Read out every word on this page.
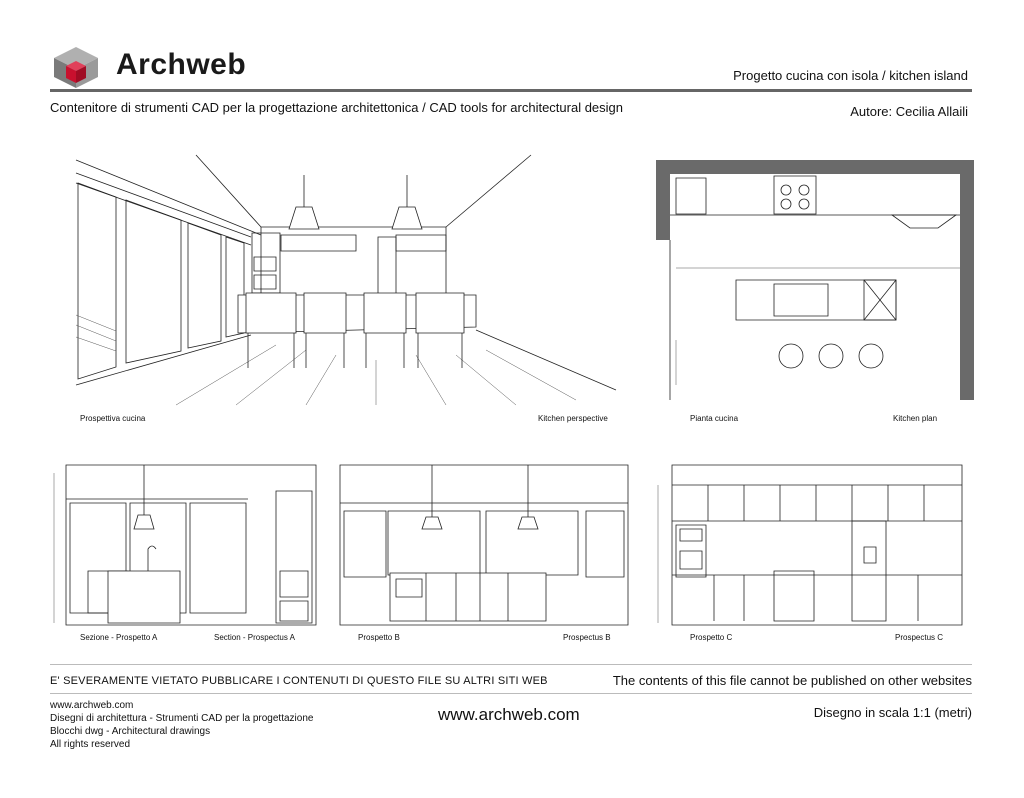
Archweb	Progetto cucina con isola / kitchen island
Contenitore di strumenti CAD per la progettazione architettonica / CAD tools for architectural design	Autore: Cecilia Allaili
Prospettiva cucina	Kitchen perspective	Pianta cucina	Kitchen plan
Sezione - Prospetto A	Section - Prospectus A	Prospetto B	Prospectus B	Prospetto C	Prospectus C
E' SEVERAMENTE VIETATO PUBBLICARE I CONTENUTI DI QUESTO FILE SU ALTRI SITI WEB	The contents of this file cannot be published on other websites
www.archweb.com
Disegni di architettura - Strumenti CAD per la progettazione
Blocchi dwg - Architectural drawings
All rights reserved
www.archweb.com	Disegno in scala 1:1 (metri)
